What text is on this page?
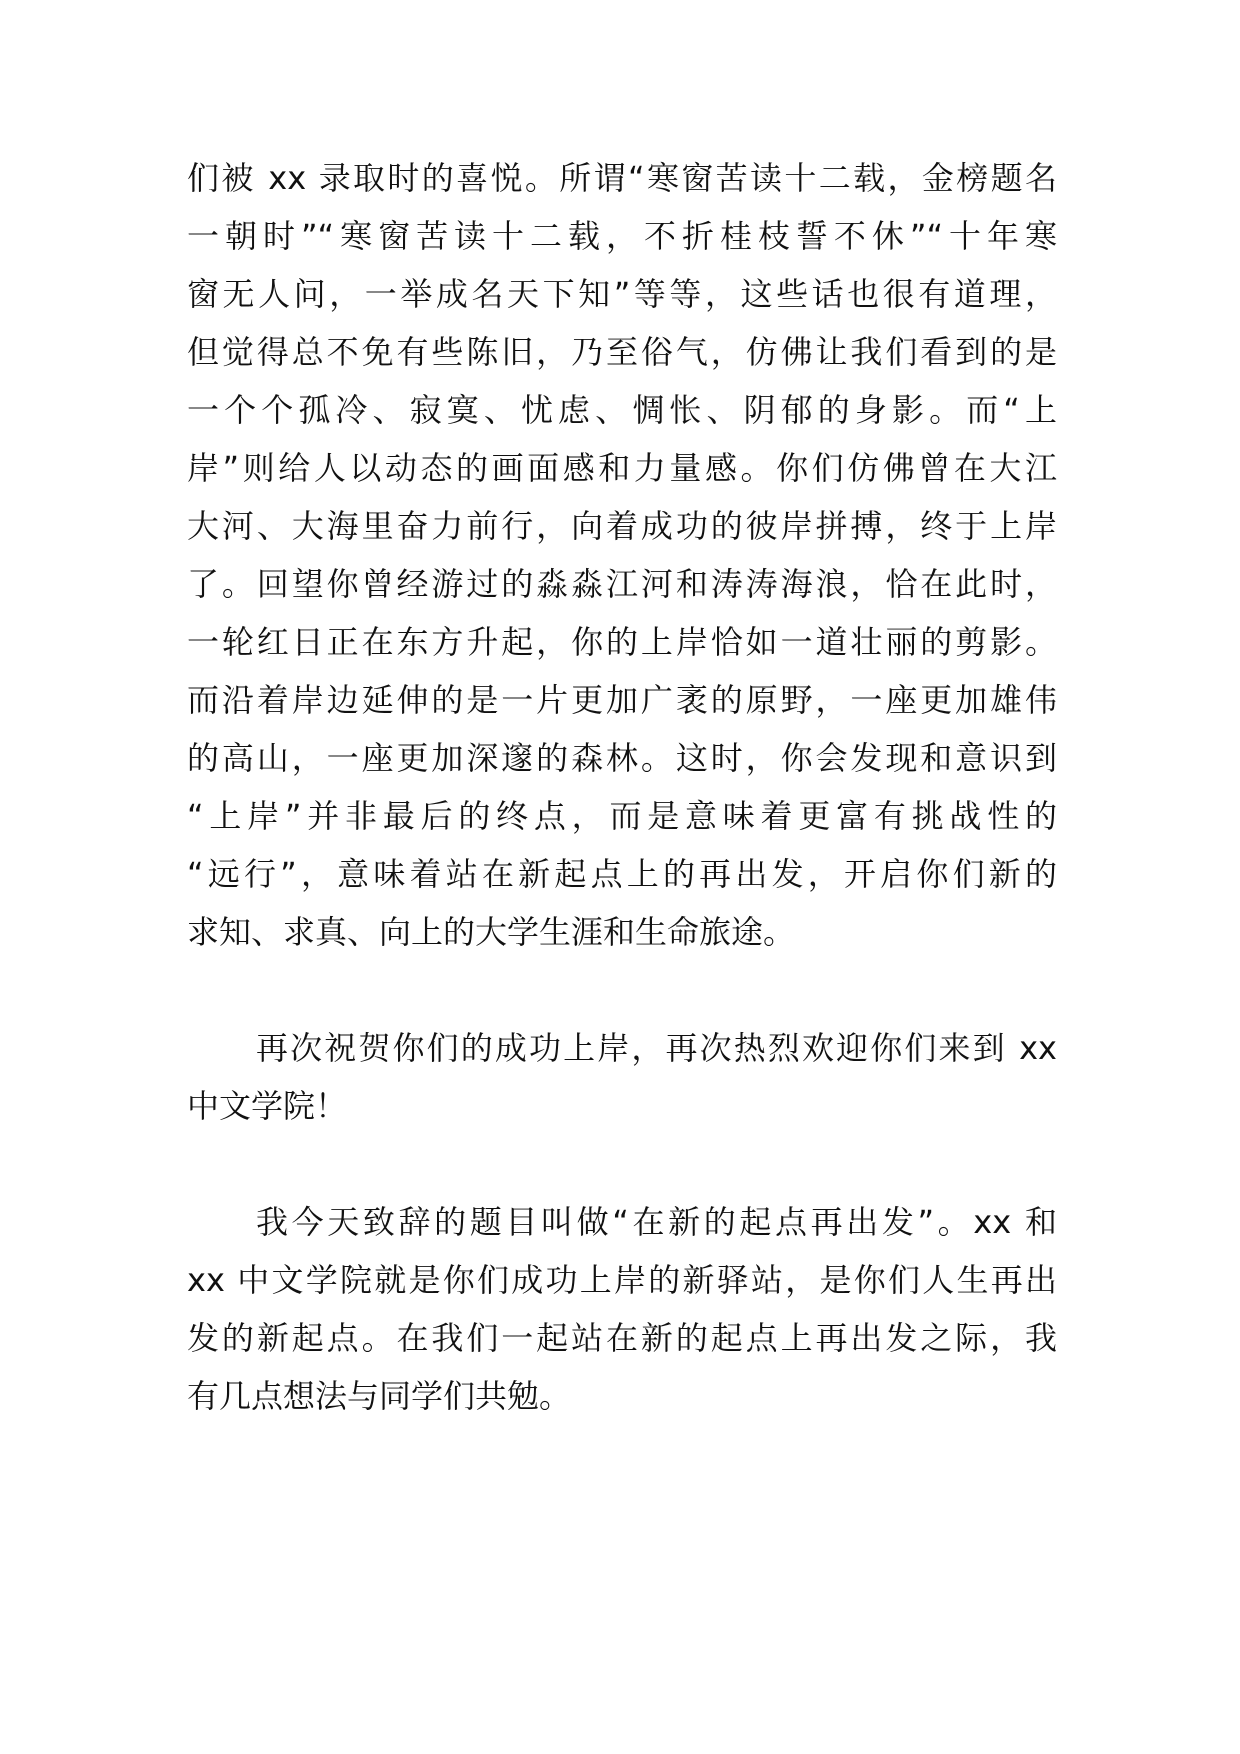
们被 xx 录取时的喜悦。所谓“寒窗苦读十二载，金榜题名
一朝时”“寒窗苦读十二载，不折桂枝誓不休”“十年寒
窗无人问，一举成名天下知”等等，这些话也很有道理，
但觉得总不免有些陈旧，乃至俗气，仿佛让我们看到的是
一个个孤冷、寂寞、忧虑、惆怅、阴郁的身影。而“上
岸”则给人以动态的画面感和力量感。你们仿佛曾在大江
大河、大海里奋力前行，向着成功的彼岸拼搏，终于上岸
了。回望你曾经游过的淼淼江河和涛涛海浪，恰在此时，
一轮红日正在东方升起，你的上岸恰如一道壮丽的剪影。
而沿着岸边延伸的是一片更加广袤的原野，一座更加雄伟
的高山，一座更加深邃的森林。这时，你会发现和意识到
“上岸”并非最后的终点，而是意味着更富有挑战性的
“远行”，意味着站在新起点上的再出发，开启你们新的
求知、求真、向上的大学生涯和生命旅途。
再次祝贺你们的成功上岸，再次热烈欢迎你们来到 xx
中文学院！
我今天致辞的题目叫做“在新的起点再出发”。xx 和
xx 中文学院就是你们成功上岸的新驿站，是你们人生再出
发的新起点。在我们一起站在新的起点上再出发之际，我
有几点想法与同学们共勉。
